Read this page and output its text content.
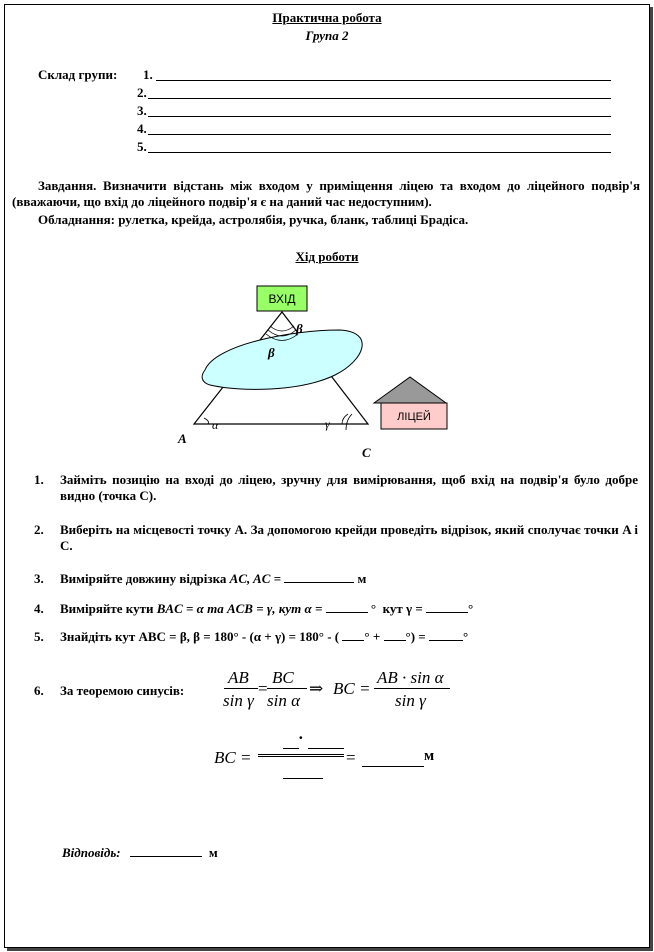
Практична робота
Група 2
Склад групи: 1.
2.
3.
4.
5.
Завдання. Визначити відстань між входом у приміщення ліцею та входом до ліцейного подвір'я (вважаючи, що вхід до ліцейного подвір'я є на даний час недоступним).
Обладнання: рулетка, крейда, астролябія, ручка, бланк, таблиці Брадіса.
Хід роботи
ВХІД
β
β
α	γ
A
C
ЛІЦЕЙ
1. Займіть позицію на вході до ліцею, зручну для вимірювання, щоб вхід на подвір'я було добре видно (точка C).
2. Виберіть на місцевості точку A. За допомогою крейди проведіть відрізок, який сполучає точки A і C.
3. Виміряйте довжину відрізка AC, AC =	м
4. Виміряйте кути BAC = α та ACB = γ, кут α =	° кут γ =	°
5. Знайдіть кут ABC = β, β = 180° - (α + γ) = 180° - ( ° + °) =	°
6. За теоремою синусів:
AB
sin γ
=
BC
sin α
⇒ BC =
AB · sin α
sin γ
BC =
·
=	м
Відповідь:	м
